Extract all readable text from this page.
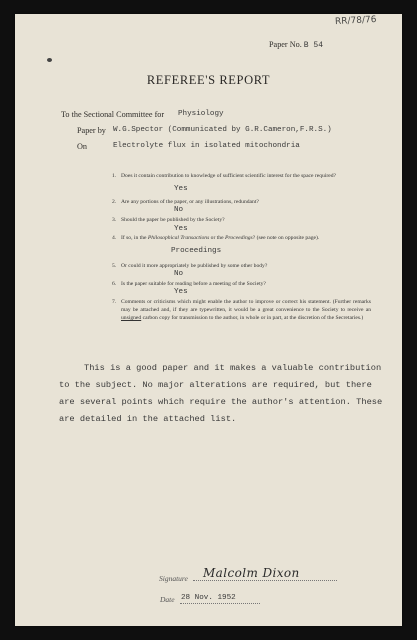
RR/78/76
Paper No. B 54
REFEREE'S REPORT
To the Sectional Committee for Physiology
Paper by W.G.Spector (Communicated by G.R.Cameron,F.R.S.)
On	Electrolyte flux in isolated mitochondria
1. Does it contain contribution to knowledge of sufficient scientific interest for the space required?
Yes
2. Are any portions of the paper, or any illustrations, redundant?
No
3. Should the paper be published by the Society?
Yes
4. If so, in the Philosophical Transactions or the Proceedings? (see note on opposite page).
Proceedings
5. Or could it more appropriately be published by some other body?
No
6. Is the paper suitable for reading before a meeting of the Society?
Yes
7. Comments or criticisms which might enable the author to improve or correct his statement. (Further remarks may be attached and, if they are typewritten, it would be a great convenience to the Society to receive an unsigned carbon copy for transmission to the author, in whole or in part, at the discretion of the Secretaries.)
This is a good paper and it makes a valuable contribution
to the subject. No major alterations are required, but there
are several points which require the author's attention. These
are detailed in the attached list.
Signature Malcolm Dixon
Date 28 Nov. 1952
